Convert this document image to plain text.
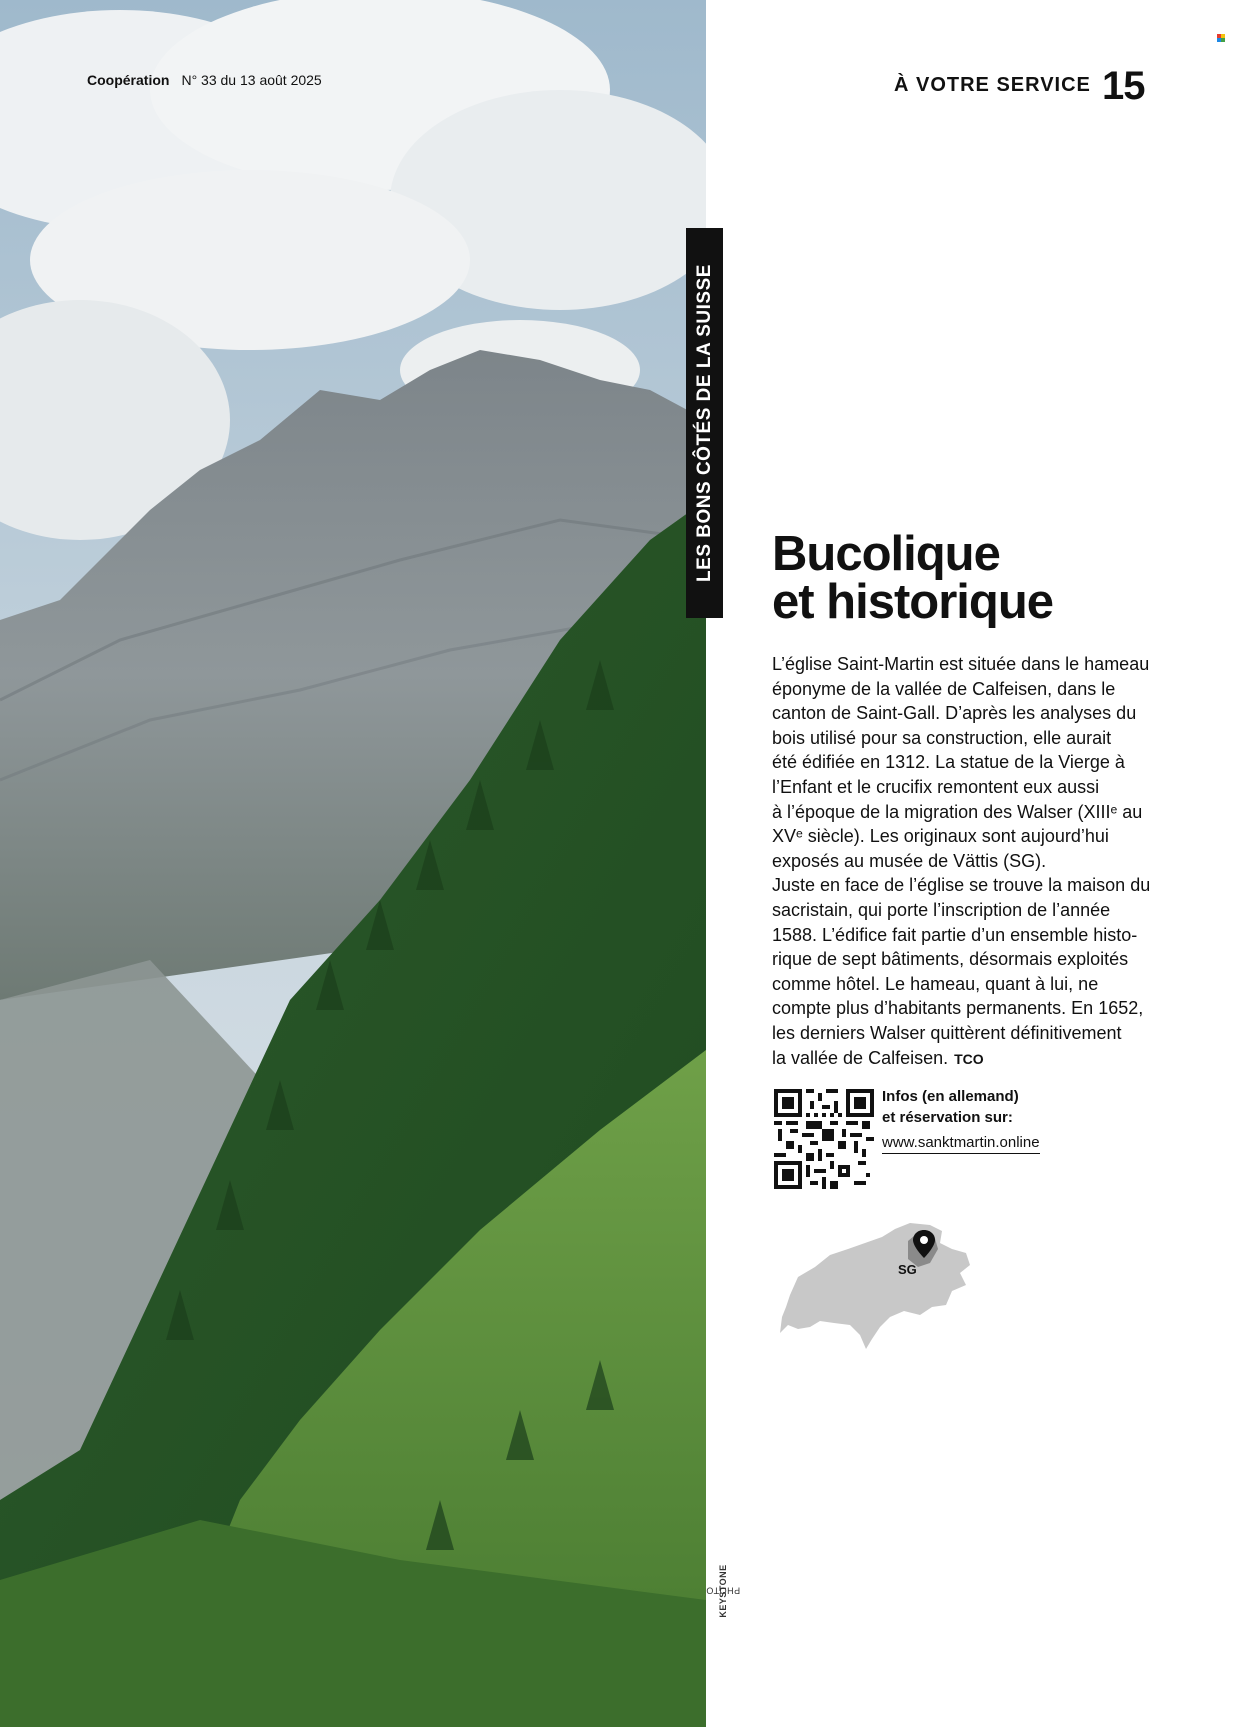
Coopération N° 33 du 13 août 2025	À VOTRE SERVICE 15
LES BONS CÔTÉS DE LA SUISSE Bucolique
et historique
L’église Saint-Martin est située dans le hameau
éponyme de la vallée de Calfeisen, dans le
canton de Saint-Gall. D’après les analyses du
bois utilisé pour sa construction, elle aurait
été édifiée en 1312. La statue de la Vierge à
l’Enfant et le crucifix remontent eux aussi
à l’époque de la migration des Walser (XIIIᵉ au
XVᵉ siècle). Les originaux sont aujourd’hui
exposés au musée de Vättis (SG).
Juste en face de l’église se trouve la maison du
sacristain, qui porte l’inscription de l’année
1588. L’édifice fait partie d’un ensemble histo-
rique de sept bâtiments, désormais exploités
comme hôtel. Le hameau, quant à lui, ne
compte plus d’habitants permanents. En 1652,
les derniers Walser quittèrent définitivement
la vallée de Calfeisen. TCO
Infos (en allemand)
et réservation sur:
www.sanktmartin.online
SG
PHOTO
KEYSTONE
